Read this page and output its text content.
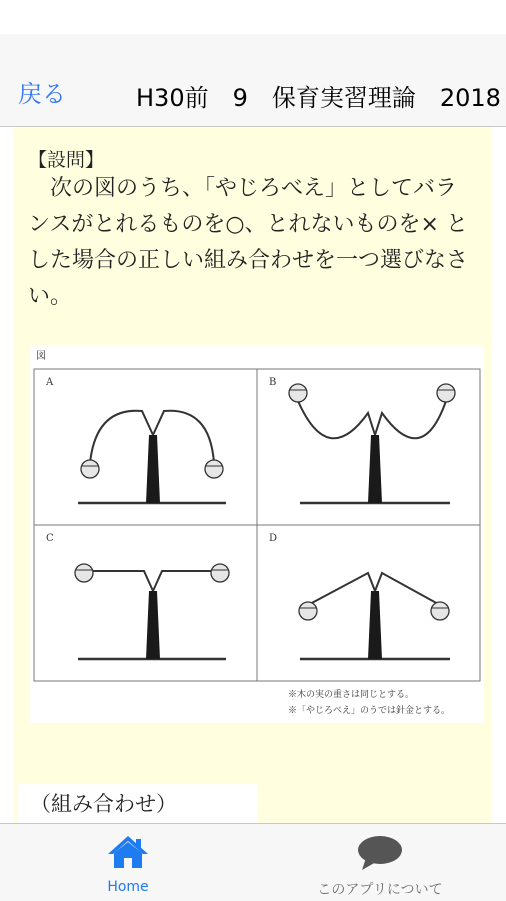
戻る	H30前　9　保育実習理論　2018
【設問】
　次の図のうち、「やじろべえ」としてバランスがとれるものを○、とれないものを× とした場合の正しい組み合わせを一つ選びなさい。
図
A	B
C	D
※木の実の重さは同じとする。
※「やじろべえ」のうでは針金とする。
（組み合わせ）
Home	このアプリについて
